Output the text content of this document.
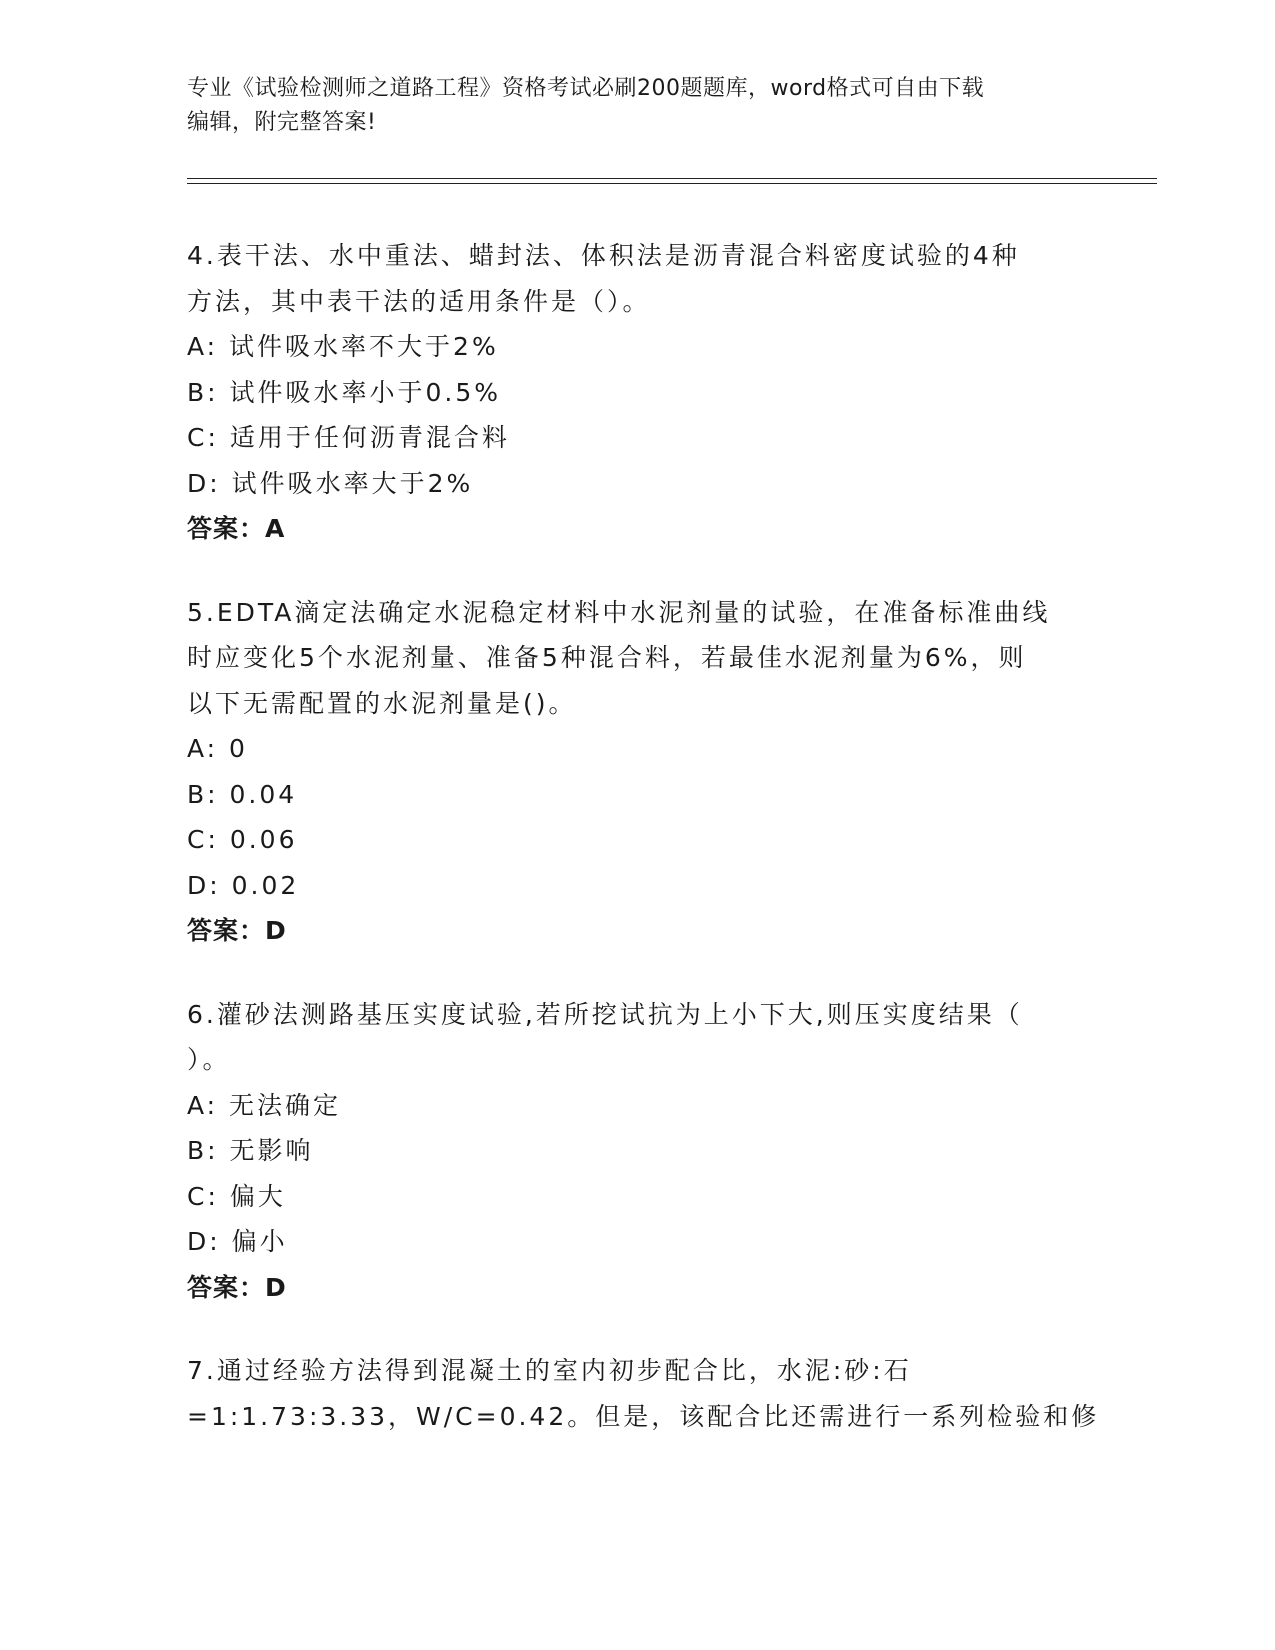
专业《试验检测师之道路工程》资格考试必刷200题题库，word格式可自由下载
编辑，附完整答案!
4.表干法、水中重法、蜡封法、体积法是沥青混合料密度试验的4种
方法，其中表干法的适用条件是（）。
A: 试件吸水率不大于2%
B: 试件吸水率小于0.5%
C: 适用于任何沥青混合料
D: 试件吸水率大于2%
答案：A
5.EDTA滴定法确定水泥稳定材料中水泥剂量的试验，在准备标准曲线
时应变化5个水泥剂量、准备5种混合料，若最佳水泥剂量为6%，则
以下无需配置的水泥剂量是()。
A: 0
B: 0.04
C: 0.06
D: 0.02
答案：D
6.灌砂法测路基压实度试验,若所挖试抗为上小下大,则压实度结果（
）。
A: 无法确定
B: 无影响
C: 偏大
D: 偏小
答案：D
7.通过经验方法得到混凝土的室内初步配合比，水泥:砂:石
=1:1.73:3.33，W/C=0.42。但是，该配合比还需进行一系列检验和修
